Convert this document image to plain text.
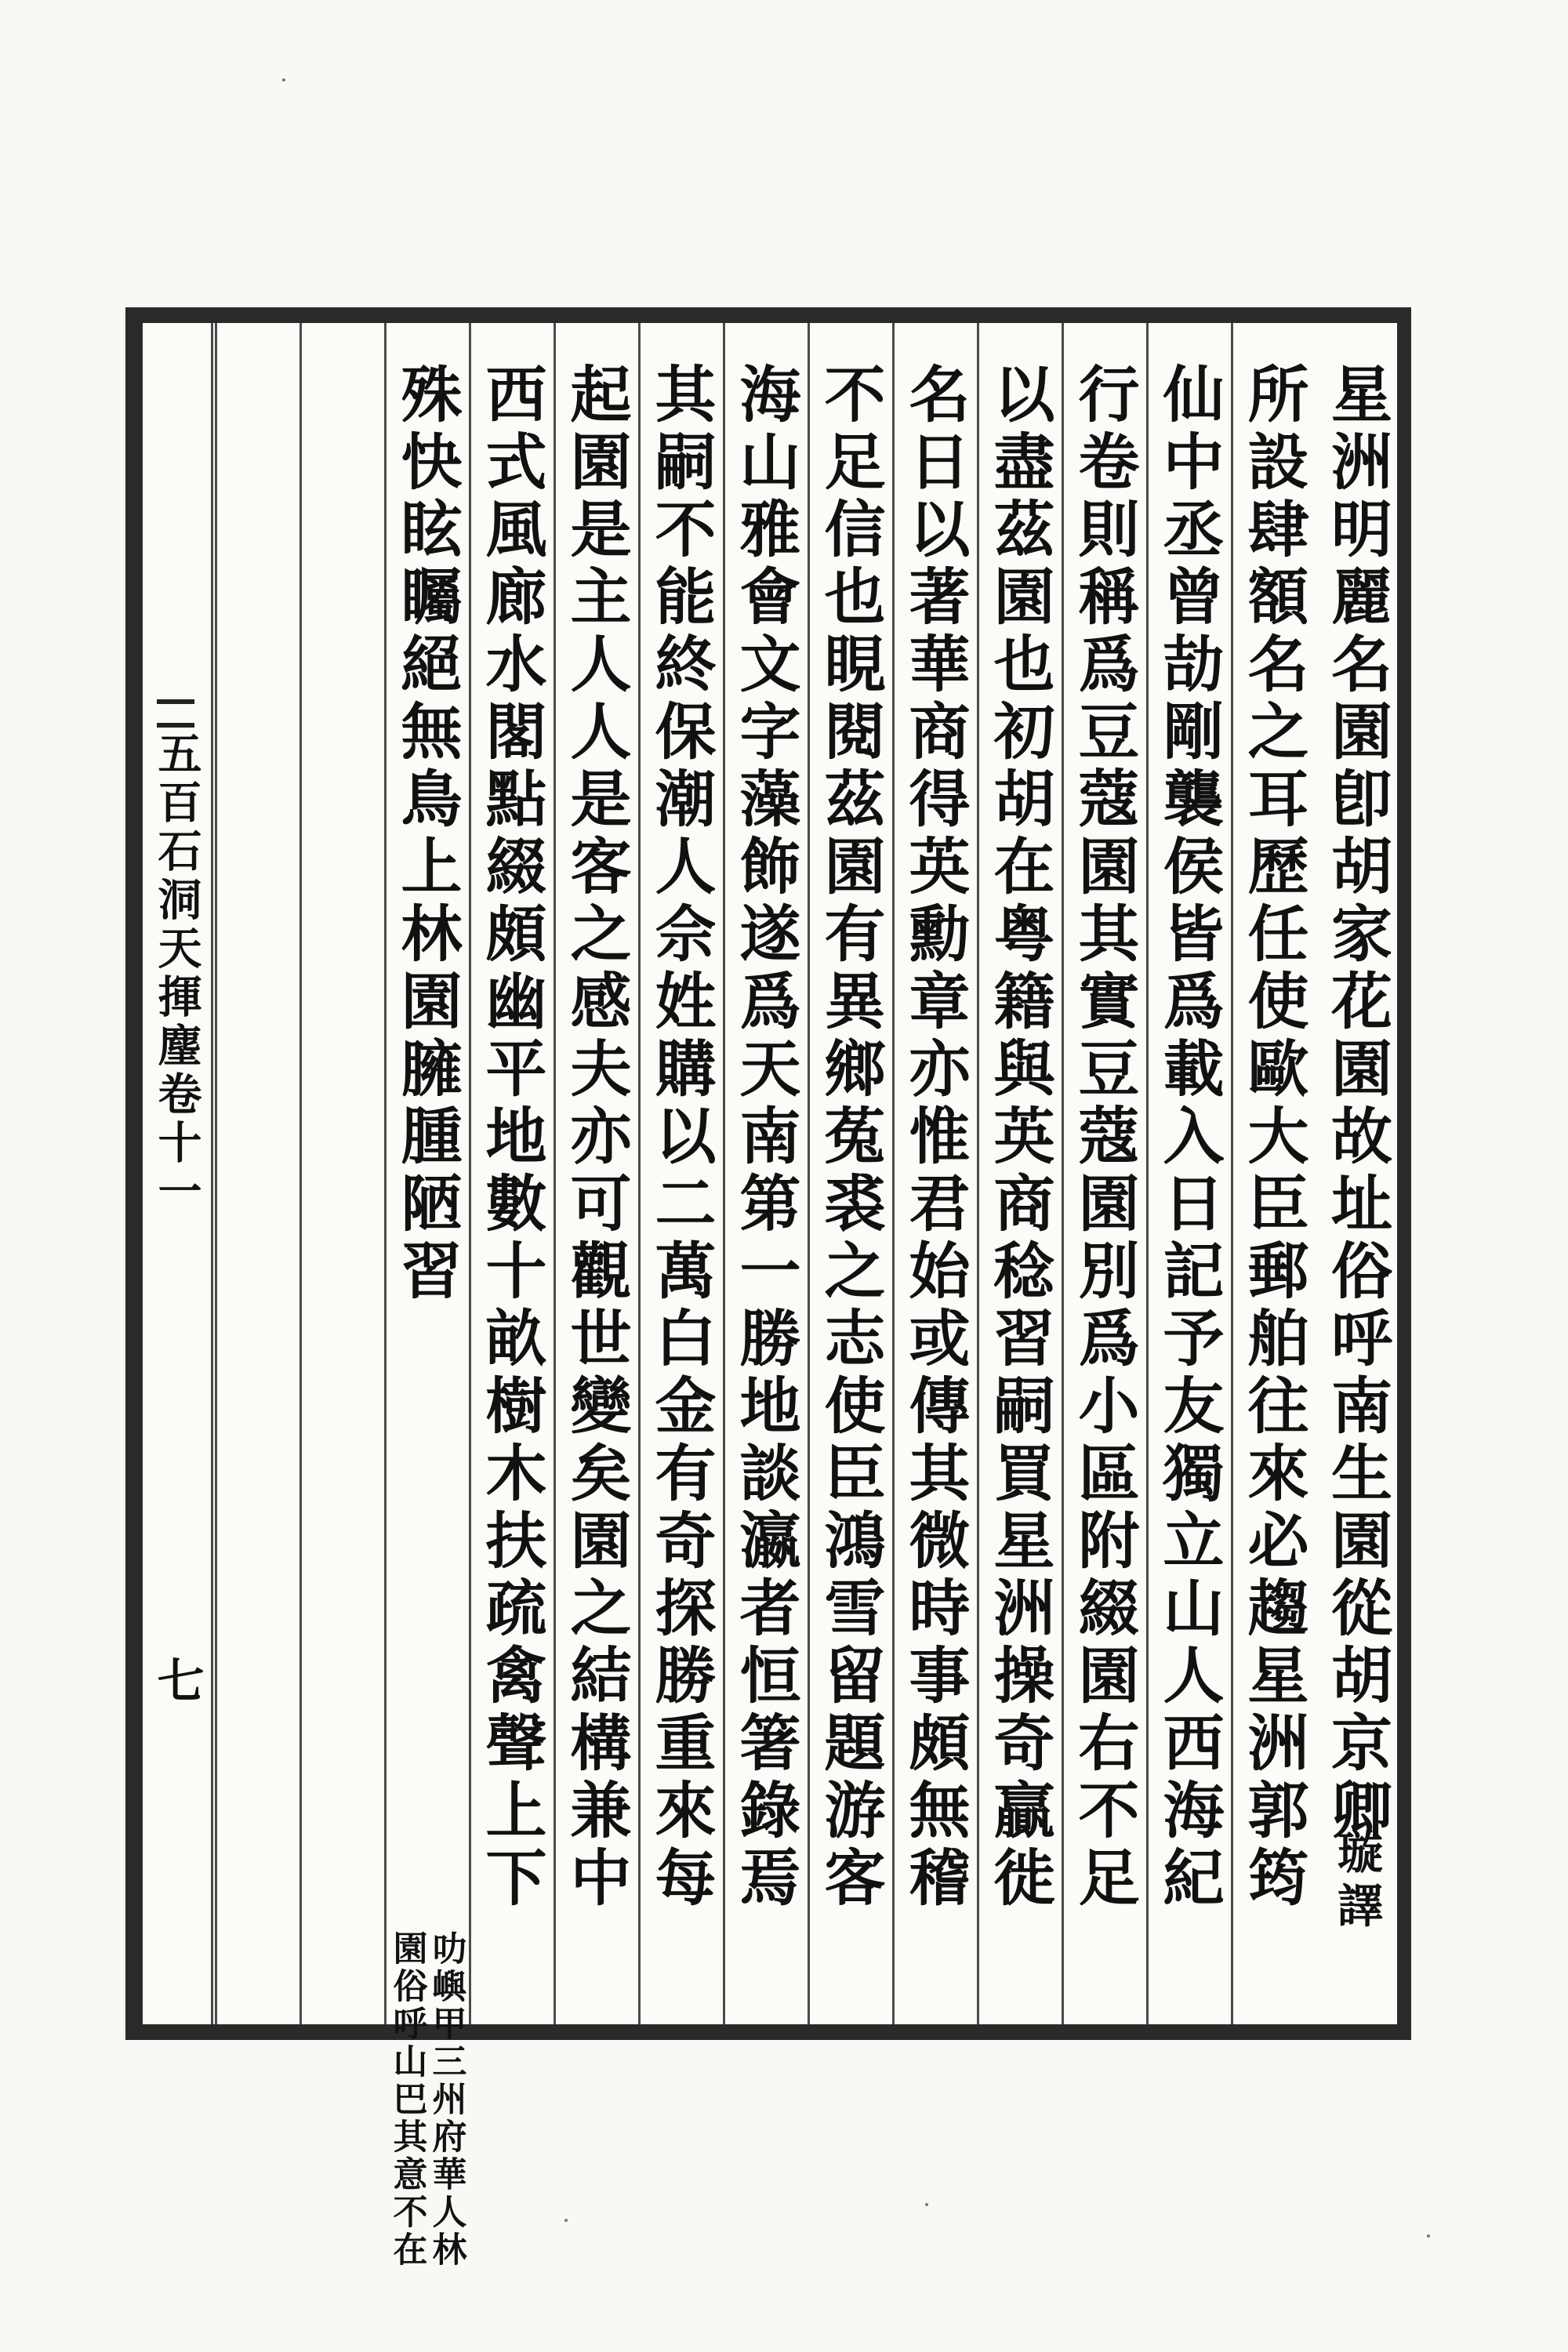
星洲明麗名園卽胡家花園故址俗呼南生園從胡京卿
璇譯
所設肆額名之耳歷任使歐大臣郵舶往來必趨星洲郭筠
仙中丞曾劼剛襲侯皆爲載入日記予友獨立山人西海紀
行卷則稱爲豆蔻園其實豆蔻園別爲小區附綴園右不足
以盡茲園也初胡在粤籍與英商稔習嗣買星洲操奇贏徙
名日以著華商得英勳章亦惟君始或傳其微時事頗無稽
不足信也睍閱茲園有異鄉菟裘之志使臣鴻雪留題游客
海山雅會文字藻飾遂爲天南第一勝地談瀛者恒箸錄焉
其嗣不能終保潮人佘姓購以二萬白金有奇探勝重來每
起園是主人人是客之感夫亦可觀世變矣園之結構兼中
西式風廊水閣點綴頗幽平地數十畝樹木扶疏禽聲上下
殊快眩矚絕無鳥上林園臃腫陋習
叻嶼甲三州府華人林
園俗呼山巴其意不在
五百石洞天揮麈卷十一
七
